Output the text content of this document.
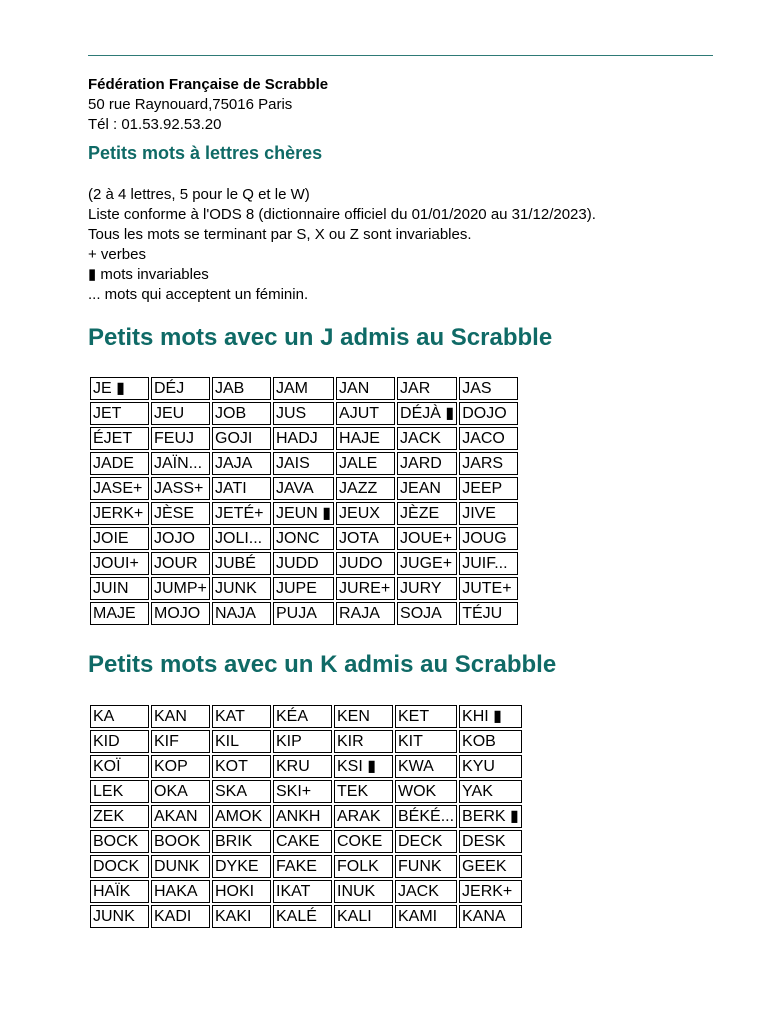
Fédération Française de Scrabble
50 rue Raynouard,75016 Paris
Tél : 01.53.92.53.20
Petits mots à lettres chères
(2 à 4 lettres, 5 pour le Q et le W)
Liste conforme à l'ODS 8 (dictionnaire officiel du 01/01/2020 au 31/12/2023).
Tous les mots se terminant par S, X ou Z sont invariables.
+ verbes
▮ mots invariables
... mots qui acceptent un féminin.
Petits mots avec un J admis au Scrabble
JE ▮	DÉJ	JAB	JAM	JAN	JAR	JAS
JET	JEU	JOB	JUS	AJUT	DÉJÀ ▮	DOJO
ÉJET	FEUJ	GOJI	HADJ	HAJE	JACK	JACO
JADE	JAÏN...	JAJA	JAIS	JALE	JARD	JARS
JASE+	JASS+	JATI	JAVA	JAZZ	JEAN	JEEP
JERK+	JÈSE	JETÉ+	JEUN ▮	JEUX	JÈZE	JIVE
JOIE	JOJO	JOLI...	JONC	JOTA	JOUE+	JOUG
JOUI+	JOUR	JUBÉ	JUDD	JUDO	JUGE+	JUIF...
JUIN	JUMP+	JUNK	JUPE	JURE+	JURY	JUTE+
MAJE	MOJO	NAJA	PUJA	RAJA	SOJA	TÉJU
Petits mots avec un K admis au Scrabble
KA	KAN	KAT	KÉA	KEN	KET	KHI ▮
KID	KIF	KIL	KIP	KIR	KIT	KOB
KOÏ	KOP	KOT	KRU	KSI ▮	KWA	KYU
LEK	OKA	SKA	SKI+	TEK	WOK	YAK
ZEK	AKAN	AMOK	ANKH	ARAK	BÉKÉ...	BERK ▮
BOCK	BOOK	BRIK	CAKE	COKE	DECK	DESK
DOCK	DUNK	DYKE	FAKE	FOLK	FUNK	GEEK
HAÏK	HAKA	HOKI	IKAT	INUK	JACK	JERK+
JUNK	KADI	KAKI	KALÉ	KALI	KAMI	KANA
